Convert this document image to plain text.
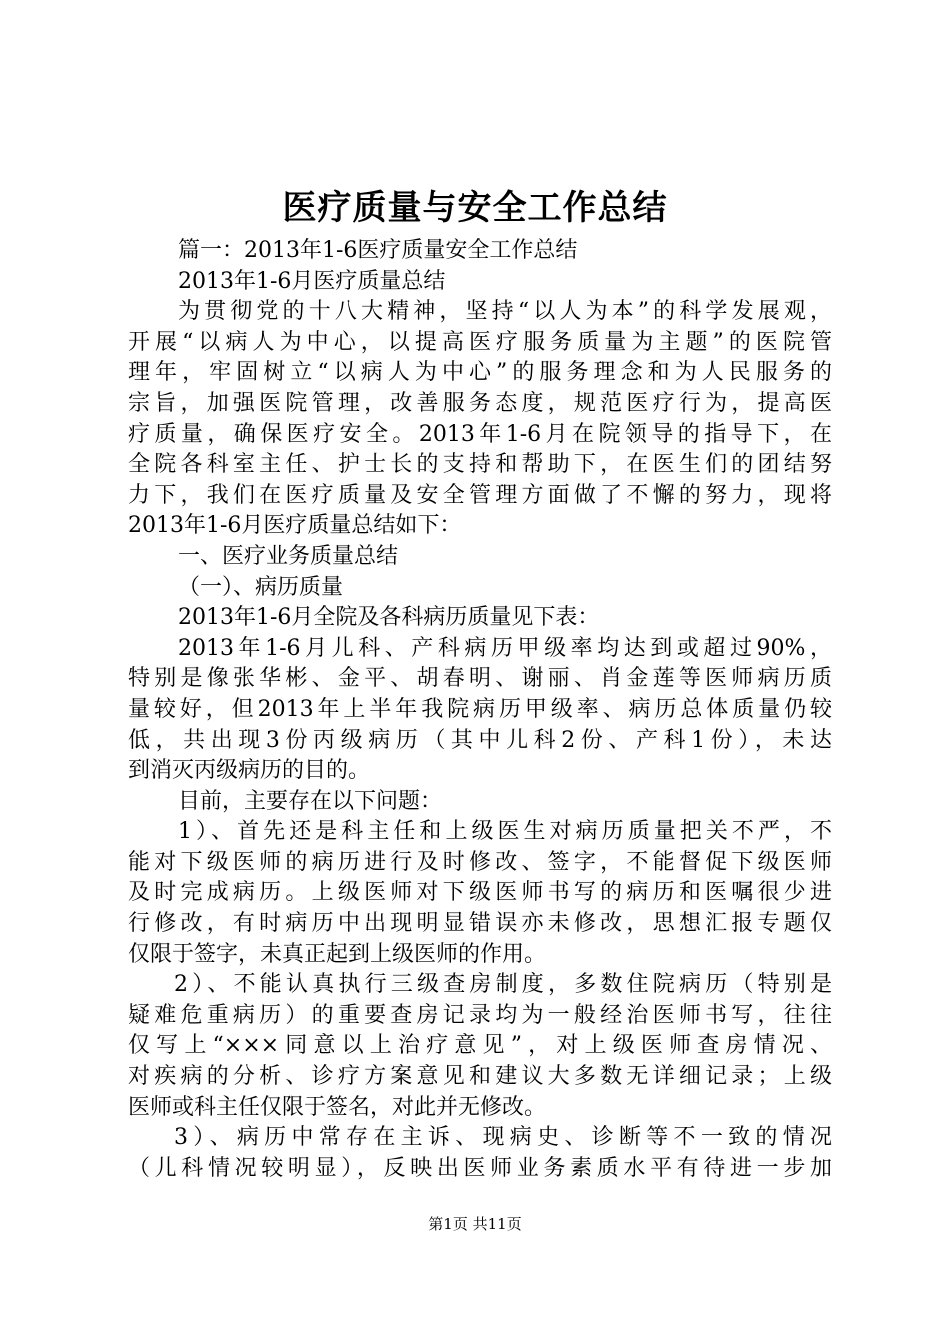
医疗质量与安全工作总结
篇一：2013年1-6医疗质量安全工作总结
2013年1-6月医疗质量总结
为贯彻党的十八大精神，坚持“以人为本”的科学发展观，
开展“以病人为中心，以提高医疗服务质量为主题”的医院管
理年，牢固树立“以病人为中心”的服务理念和为人民服务的
宗旨，加强医院管理，改善服务态度，规范医疗行为，提高医
疗质量，确保医疗安全。2013年1-6月在院领导的指导下，在
全院各科室主任、护士长的支持和帮助下，在医生们的团结努
力下，我们在医疗质量及安全管理方面做了不懈的努力，现将
2013年1-6月医疗质量总结如下：
一、医疗业务质量总结
（一）、病历质量
2013年1-6月全院及各科病历质量见下表：
2013年1-6月儿科、产科病历甲级率均达到或超过90%，
特别是像张华彬、金平、胡春明、谢丽、肖金莲等医师病历质
量较好，但2013年上半年我院病历甲级率、病历总体质量仍较
低，共出现3份丙级病历（其中儿科2份、产科1份），未达
到消灭丙级病历的目的。
目前，主要存在以下问题：
1）、首先还是科主任和上级医生对病历质量把关不严，不
能对下级医师的病历进行及时修改、签字，不能督促下级医师
及时完成病历。上级医师对下级医师书写的病历和医嘱很少进
行修改，有时病历中出现明显错误亦未修改，思想汇报专题仅
仅限于签字，未真正起到上级医师的作用。
2）、不能认真执行三级查房制度，多数住院病历（特别是
疑难危重病历）的重要查房记录均为一般经治医师书写，往往
仅写上“×××同意以上治疗意见”，对上级医师查房情况、
对疾病的分析、诊疗方案意见和建议大多数无详细记录；上级
医师或科主任仅限于签名，对此并无修改。
3）、病历中常存在主诉、现病史、诊断等不一致的情况
（儿科情况较明显），反映出医师业务素质水平有待进一步加
第1页 共11页
